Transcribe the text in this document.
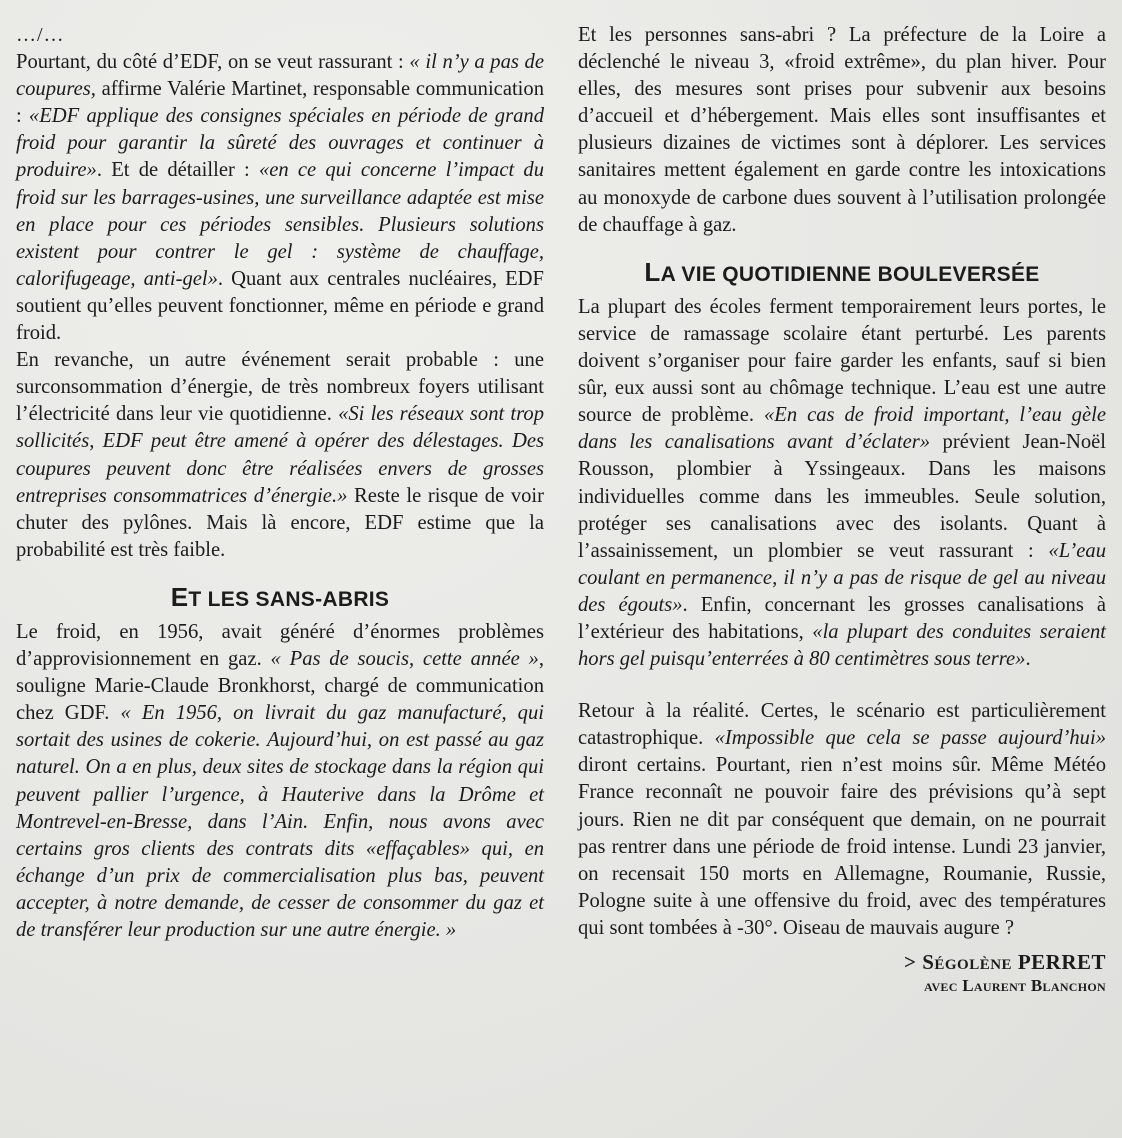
…/…

Pourtant, du côté d’EDF, on se veut rassurant : « il n’y a pas de coupures, affirme Valérie Martinet, responsable communication : «EDF applique des consignes spéciales en période de grand froid pour garantir la sûreté des ouvrages et continuer à produire». Et de détailler : «en ce qui concerne l’impact du froid sur les barrages-usines, une surveillance adaptée est mise en place pour ces périodes sensibles. Plusieurs solutions existent pour contrer le gel : système de chauffage, calorifugeage, anti-gel». Quant aux centrales nucléaires, EDF soutient qu’elles peuvent fonctionner, même en période e grand froid.

En revanche, un autre événement serait probable : une surconsommation d’énergie, de très nombreux foyers utilisant l’électricité dans leur vie quotidienne. «Si les réseaux sont trop sollicités, EDF peut être amené à opérer des délestages. Des coupures peuvent donc être réalisées envers de grosses entreprises consommatrices d’énergie.» Reste le risque de voir chuter des pylônes. Mais là encore, EDF estime que la probabilité est très faible.

ET LES SANS-ABRIS

Le froid, en 1956, avait généré d’énormes problèmes d’approvisionnement en gaz. « Pas de soucis, cette année », souligne Marie-Claude Bronkhorst, chargé de communication chez GDF. « En 1956, on livrait du gaz manufacturé, qui sortait des usines de cokerie. Aujourd’hui, on est passé au gaz naturel. On a en plus, deux sites de stockage dans la région qui peuvent pallier l’urgence, à Hauterive dans la Drôme et Montrevel-en-Bresse, dans l’Ain. Enfin, nous avons avec certains gros clients des contrats dits «effaçables» qui, en échange d’un prix de commercialisation plus bas, peuvent accepter, à notre demande, de cesser de consommer du gaz et de transférer leur production sur une autre énergie. »

Et les personnes sans-abri ? La préfecture de la Loire a déclenché le niveau 3, «froid extrême», du plan hiver. Pour elles, des mesures sont prises pour subvenir aux besoins d’accueil et d’hébergement. Mais elles sont insuffisantes et plusieurs dizaines de victimes sont à déplorer. Les services sanitaires mettent également en garde contre les intoxications au monoxyde de carbone dues souvent à l’utilisation prolongée de chauffage à gaz.

LA VIE QUOTIDIENNE BOULEVERSÉE

La plupart des écoles ferment temporairement leurs portes, le service de ramassage scolaire étant perturbé. Les parents doivent s’organiser pour faire garder les enfants, sauf si bien sûr, eux aussi sont au chômage technique. L’eau est une autre source de problème. «En cas de froid important, l’eau gèle dans les canalisations avant d’éclater» prévient Jean-Noël Rousson, plombier à Yssingeaux. Dans les maisons individuelles comme dans les immeubles. Seule solution, protéger ses canalisations avec des isolants. Quant à l’assainissement, un plombier se veut rassurant : «L’eau coulant en permanence, il n’y a pas de risque de gel au niveau des égouts». Enfin, concernant les grosses canalisations à l’extérieur des habitations, «la plupart des conduites seraient hors gel puisqu’enterrées à 80 centimètres sous terre».

Retour à la réalité. Certes, le scénario est particulièrement catastrophique. «Impossible que cela se passe aujourd’hui» diront certains. Pourtant, rien n’est moins sûr. Même Météo France reconnaît ne pouvoir faire des prévisions qu’à sept jours. Rien ne dit par conséquent que demain, on ne pourrait pas rentrer dans une période de froid intense. Lundi 23 janvier, on recensait 150 morts en Allemagne, Roumanie, Russie, Pologne suite à une offensive du froid, avec des températures qui sont tombées à -30°. Oiseau de mauvais augure ?

> Ségolène PERRET
avec Laurent Blanchon
